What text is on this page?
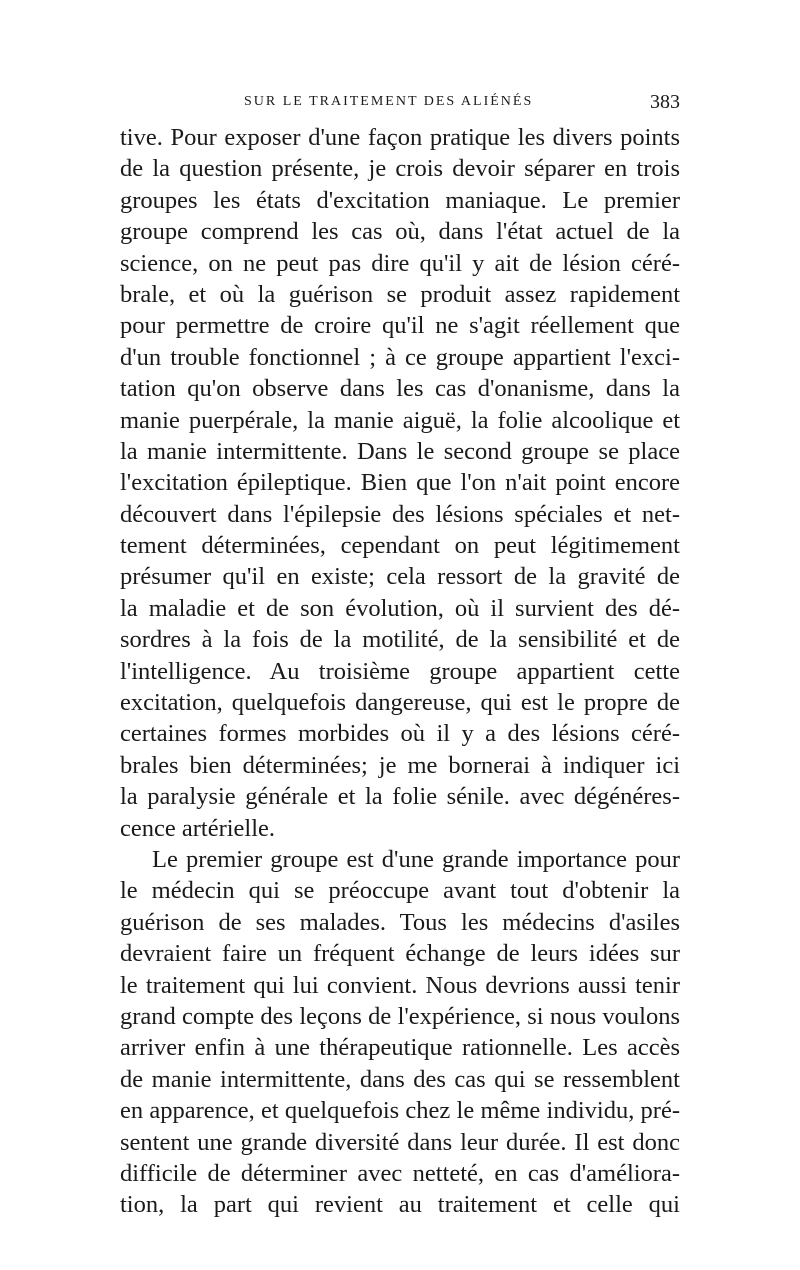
SUR LE TRAITEMENT DES ALIÉNÉS	383
tive. Pour exposer d'une façon pratique les divers points
de la question présente, je crois devoir séparer en trois
groupes les états d'excitation maniaque. Le premier
groupe comprend les cas où, dans l'état actuel de la
science, on ne peut pas dire qu'il y ait de lésion céré-
brale, et où la guérison se produit assez rapidement
pour permettre de croire qu'il ne s'agit réellement que
d'un trouble fonctionnel ; à ce groupe appartient l'exci-
tation qu'on observe dans les cas d'onanisme, dans la
manie puerpérale, la manie aiguë, la folie alcoolique et
la manie intermittente. Dans le second groupe se place
l'excitation épileptique. Bien que l'on n'ait point encore
découvert dans l'épilepsie des lésions spéciales et net-
tement déterminées, cependant on peut légitimement
présumer qu'il en existe; cela ressort de la gravité de
la maladie et de son évolution, où il survient des dé-
sordres à la fois de la motilité, de la sensibilité et de
l'intelligence. Au troisième groupe appartient cette
excitation, quelquefois dangereuse, qui est le propre de
certaines formes morbides où il y a des lésions céré-
brales bien déterminées; je me bornerai à indiquer ici
la paralysie générale et la folie sénile. avec dégénéres-
cence artérielle.
Le premier groupe est d'une grande importance pour
le médecin qui se préoccupe avant tout d'obtenir la
guérison de ses malades. Tous les médecins d'asiles
devraient faire un fréquent échange de leurs idées sur
le traitement qui lui convient. Nous devrions aussi tenir
grand compte des leçons de l'expérience, si nous voulons
arriver enfin à une thérapeutique rationnelle. Les accès
de manie intermittente, dans des cas qui se ressemblent
en apparence, et quelquefois chez le même individu, pré-
sentent une grande diversité dans leur durée. Il est donc
difficile de déterminer avec netteté, en cas d'améliora-
tion, la part qui revient au traitement et celle qui
